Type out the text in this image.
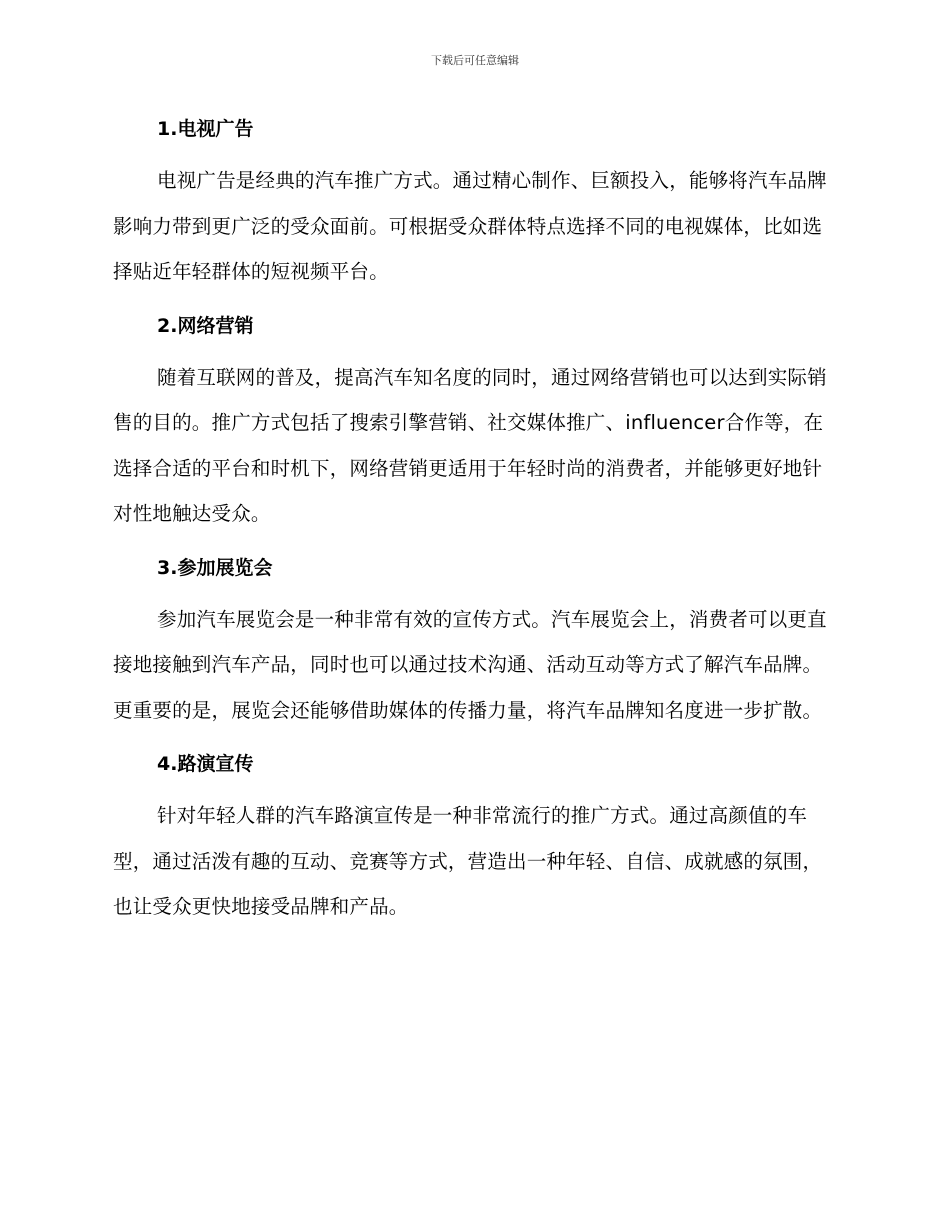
下载后可任意编辑
1.电视广告

电视广告是经典的汽车推广方式。通过精心制作、巨额投入，能够将汽车品牌影响力带到更广泛的受众面前。可根据受众群体特点选择不同的电视媒体，比如选择贴近年轻群体的短视频平台。

2.网络营销

随着互联网的普及，提高汽车知名度的同时，通过网络营销也可以达到实际销售的目的。推广方式包括了搜索引擎营销、社交媒体推广、influencer合作等，在选择合适的平台和时机下，网络营销更适用于年轻时尚的消费者，并能够更好地针对性地触达受众。

3.参加展览会

参加汽车展览会是一种非常有效的宣传方式。汽车展览会上，消费者可以更直接地接触到汽车产品，同时也可以通过技术沟通、活动互动等方式了解汽车品牌。更重要的是，展览会还能够借助媒体的传播力量，将汽车品牌知名度进一步扩散。

4.路演宣传

针对年轻人群的汽车路演宣传是一种非常流行的推广方式。通过高颜值的车型，通过活泼有趣的互动、竞赛等方式，营造出一种年轻、自信、成就感的氛围，也让受众更快地接受品牌和产品。
